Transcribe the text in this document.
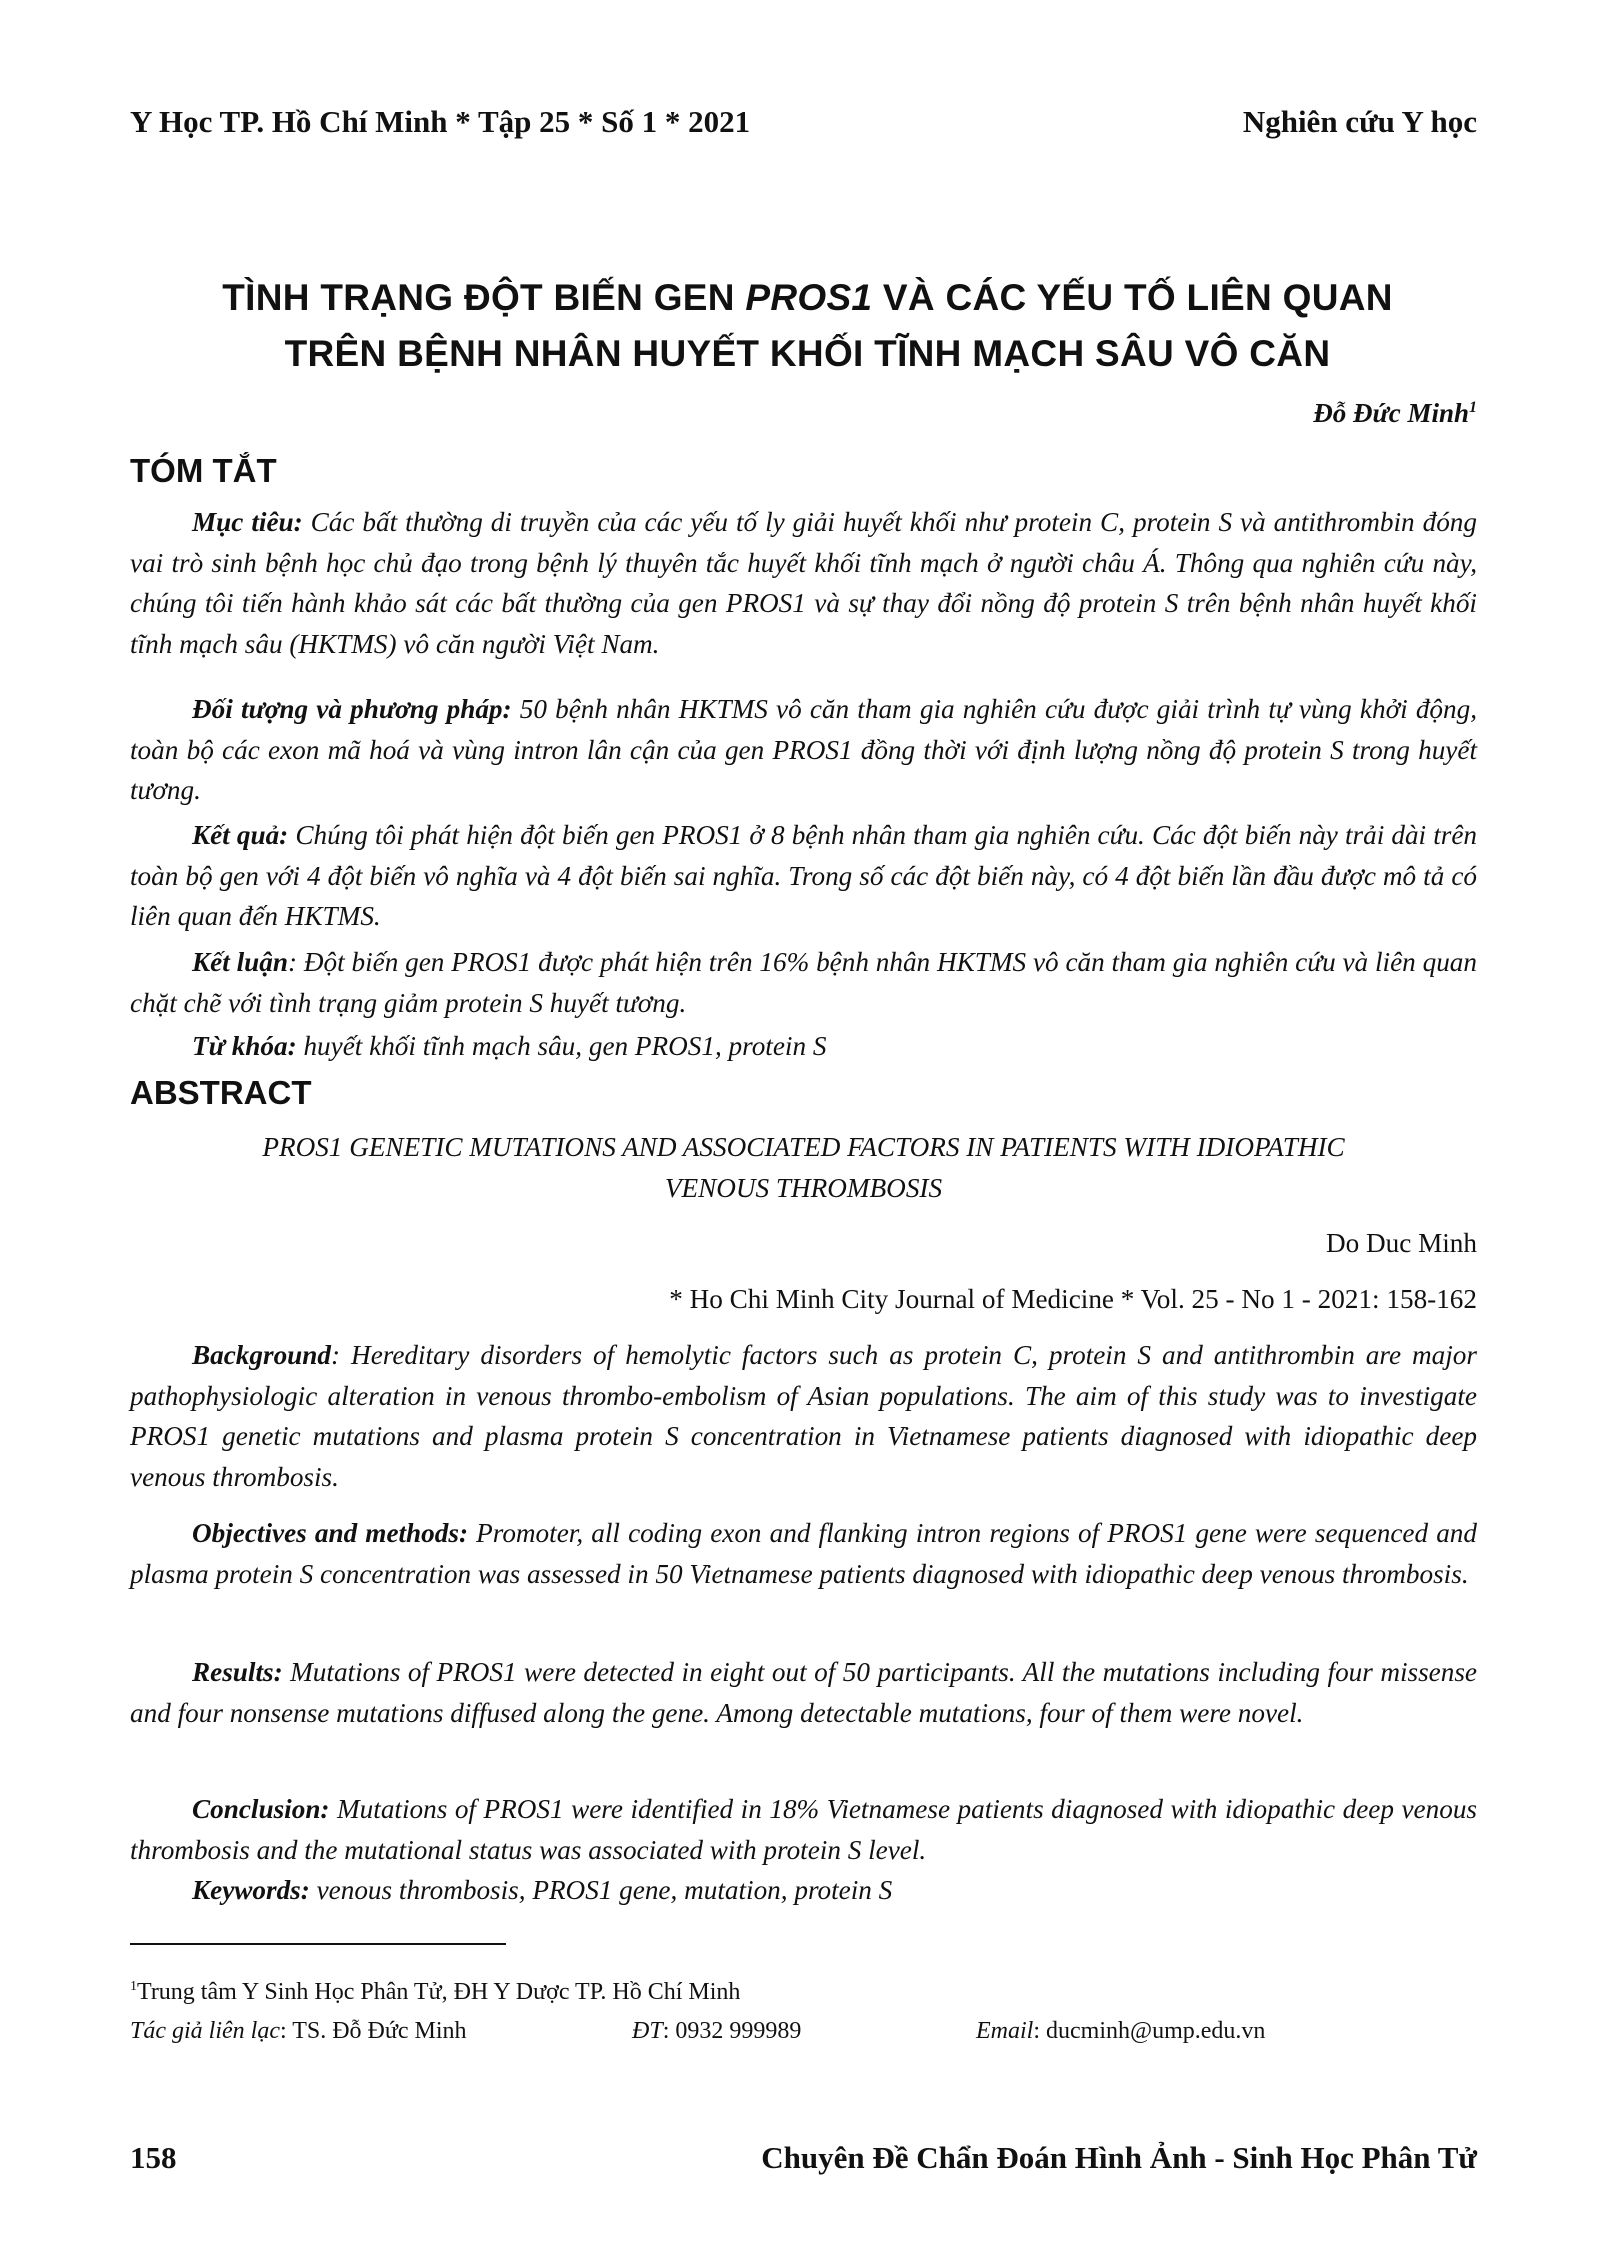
Y Học TP. Hồ Chí Minh * Tập 25 * Số 1 * 2021	Nghiên cứu Y học
TÌNH TRẠNG ĐỘT BIẾN GEN PROS1 VÀ CÁC YẾU TỐ LIÊN QUAN
TRÊN BỆNH NHÂN HUYẾT KHỐI TĨNH MẠCH SÂU VÔ CĂN
Đỗ Đức Minh$^1$
TÓM TẮT
Mục tiêu: Các bất thường di truyền của các yếu tố ly giải huyết khối như protein C, protein S và antithrombin đóng vai trò sinh bệnh học chủ đạo trong bệnh lý thuyên tắc huyết khối tĩnh mạch ở người châu Á. Thông qua nghiên cứu này, chúng tôi tiến hành khảo sát các bất thường của gen PROS1 và sự thay đổi nồng độ protein S trên bệnh nhân huyết khối tĩnh mạch sâu (HKTMS) vô căn người Việt Nam.
Đối tượng và phương pháp: 50 bệnh nhân HKTMS vô căn tham gia nghiên cứu được giải trình tự vùng khởi động, toàn bộ các exon mã hoá và vùng intron lân cận của gen PROS1 đồng thời với định lượng nồng độ protein S trong huyết tương.
Kết quả: Chúng tôi phát hiện đột biến gen PROS1 ở 8 bệnh nhân tham gia nghiên cứu. Các đột biến này trải dài trên toàn bộ gen với 4 đột biến vô nghĩa và 4 đột biến sai nghĩa. Trong số các đột biến này, có 4 đột biến lần đầu được mô tả có liên quan đến HKTMS.
Kết luận: Đột biến gen PROS1 được phát hiện trên 16% bệnh nhân HKTMS vô căn tham gia nghiên cứu và liên quan chặt chẽ với tình trạng giảm protein S huyết tương.
Từ khóa: huyết khối tĩnh mạch sâu, gen PROS1, protein S
ABSTRACT
PROS1 GENETIC MUTATIONS AND ASSOCIATED FACTORS IN PATIENTS WITH IDIOPATHIC
VENOUS THROMBOSIS
Do Duc Minh
* Ho Chi Minh City Journal of Medicine * Vol. 25 - No 1 - 2021: 158-162
Background: Hereditary disorders of hemolytic factors such as protein C, protein S and antithrombin are major pathophysiologic alteration in venous thrombo-embolism of Asian populations. The aim of this study was to investigate PROS1 genetic mutations and plasma protein S concentration in Vietnamese patients diagnosed with idiopathic deep venous thrombosis.
Objectives and methods: Promoter, all coding exon and flanking intron regions of PROS1 gene were sequenced and plasma protein S concentration was assessed in 50 Vietnamese patients diagnosed with idiopathic deep venous thrombosis.
Results: Mutations of PROS1 were detected in eight out of 50 participants. All the mutations including four missense and four nonsense mutations diffused along the gene. Among detectable mutations, four of them were novel.
Conclusion: Mutations of PROS1 were identified in 18% Vietnamese patients diagnosed with idiopathic deep venous thrombosis and the mutational status was associated with protein S level.
Keywords: venous thrombosis, PROS1 gene, mutation, protein S
$^1$Trung tâm Y Sinh Học Phân Tử, ĐH Y Dược TP. Hồ Chí Minh
Tác giả liên lạc: TS. Đỗ Đức Minh	ĐT: 0932 999989	Email: ducminh@ump.edu.vn
158	Chuyên Đề Chẩn Đoán Hình Ảnh - Sinh Học Phân Tử
